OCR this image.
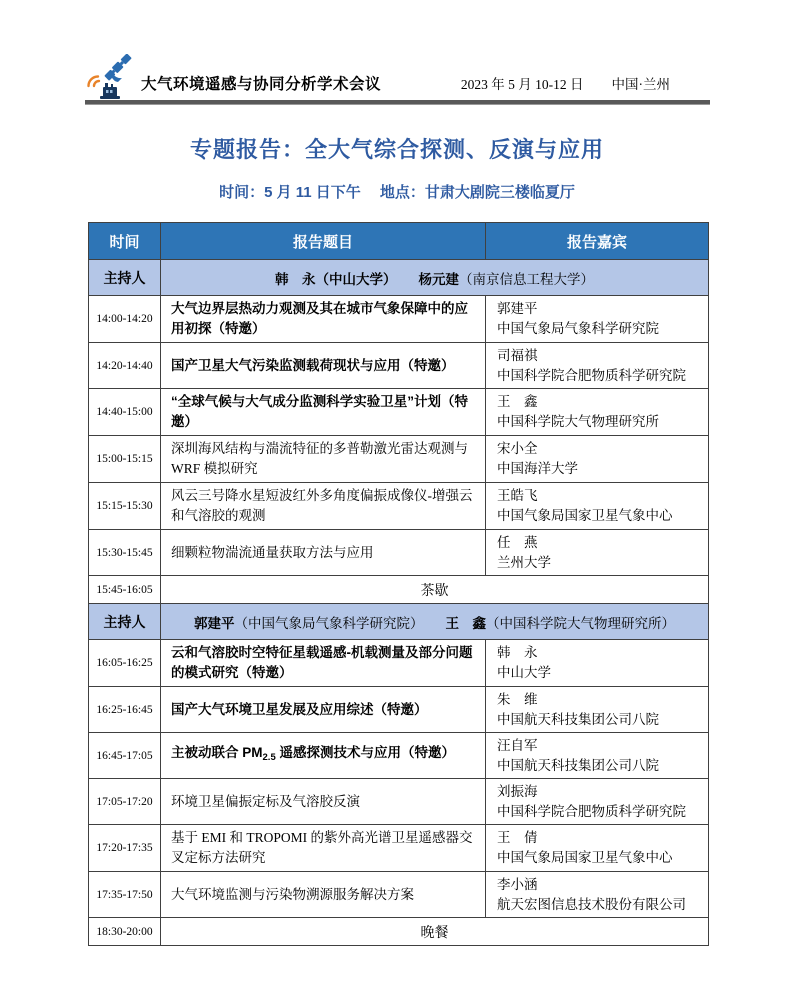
大气环境遥感与协同分析学术会议	2023 年 5 月 10-12 日 中国·兰州
专题报告：全大气综合探测、反演与应用
时间：5 月 11 日下午　 地点：甘肃大剧院三楼临夏厅
时间	报告题目	报告嘉宾
主持人	韩　永（中山大学） 杨元建（南京信息工程大学）	
14:00-14:20	大气边界层热动力观测及其在城市气象保障中的应用初探（特邀）	郭建平
中国气象局气象科学研究院

14:20-14:40	国产卫星大气污染监测载荷现状与应用（特邀）	司福祺
中国科学院合肥物质科学研究院

14:40-15:00	“全球气候与大气成分监测科学实验卫星”计划（特邀）	王　鑫
中国科学院大气物理研究所

15:00-15:15	深圳海风结构与湍流特征的多普勒激光雷达观测与 WRF 模拟研究	宋小全
中国海洋大学

15:15-15:30	风云三号降水星短波红外多角度偏振成像仪-增强云和气溶胶的观测	王皓飞
中国气象局国家卫星气象中心

15:30-15:45	细颗粒物湍流通量获取方法与应用	任　燕
兰州大学

15:45-16:05	茶歇	
主持人	郭建平（中国气象局气象科学研究院） 王　鑫（中国科学院大气物理研究所）	
16:05-16:25	云和气溶胶时空特征星载遥感-机载测量及部分问题的模式研究（特邀）	韩　永
中山大学

16:25-16:45	国产大气环境卫星发展及应用综述（特邀）	朱　维
中国航天科技集团公司八院

16:45-17:05	主被动联合 $PM_{2.5}$ 遥感探测技术与应用（特邀）	汪自军
中国航天科技集团公司八院

17:05-17:20	环境卫星偏振定标及气溶胶反演	刘振海
中国科学院合肥物质科学研究院

17:20-17:35	基于 EMI 和 TROPOMI 的紫外高光谱卫星遥感器交叉定标方法研究	王　倩
中国气象局国家卫星气象中心

17:35-17:50	大气环境监测与污染物溯源服务解决方案	李小涵
航天宏图信息技术股份有限公司

18:30-20:00	晚餐	
